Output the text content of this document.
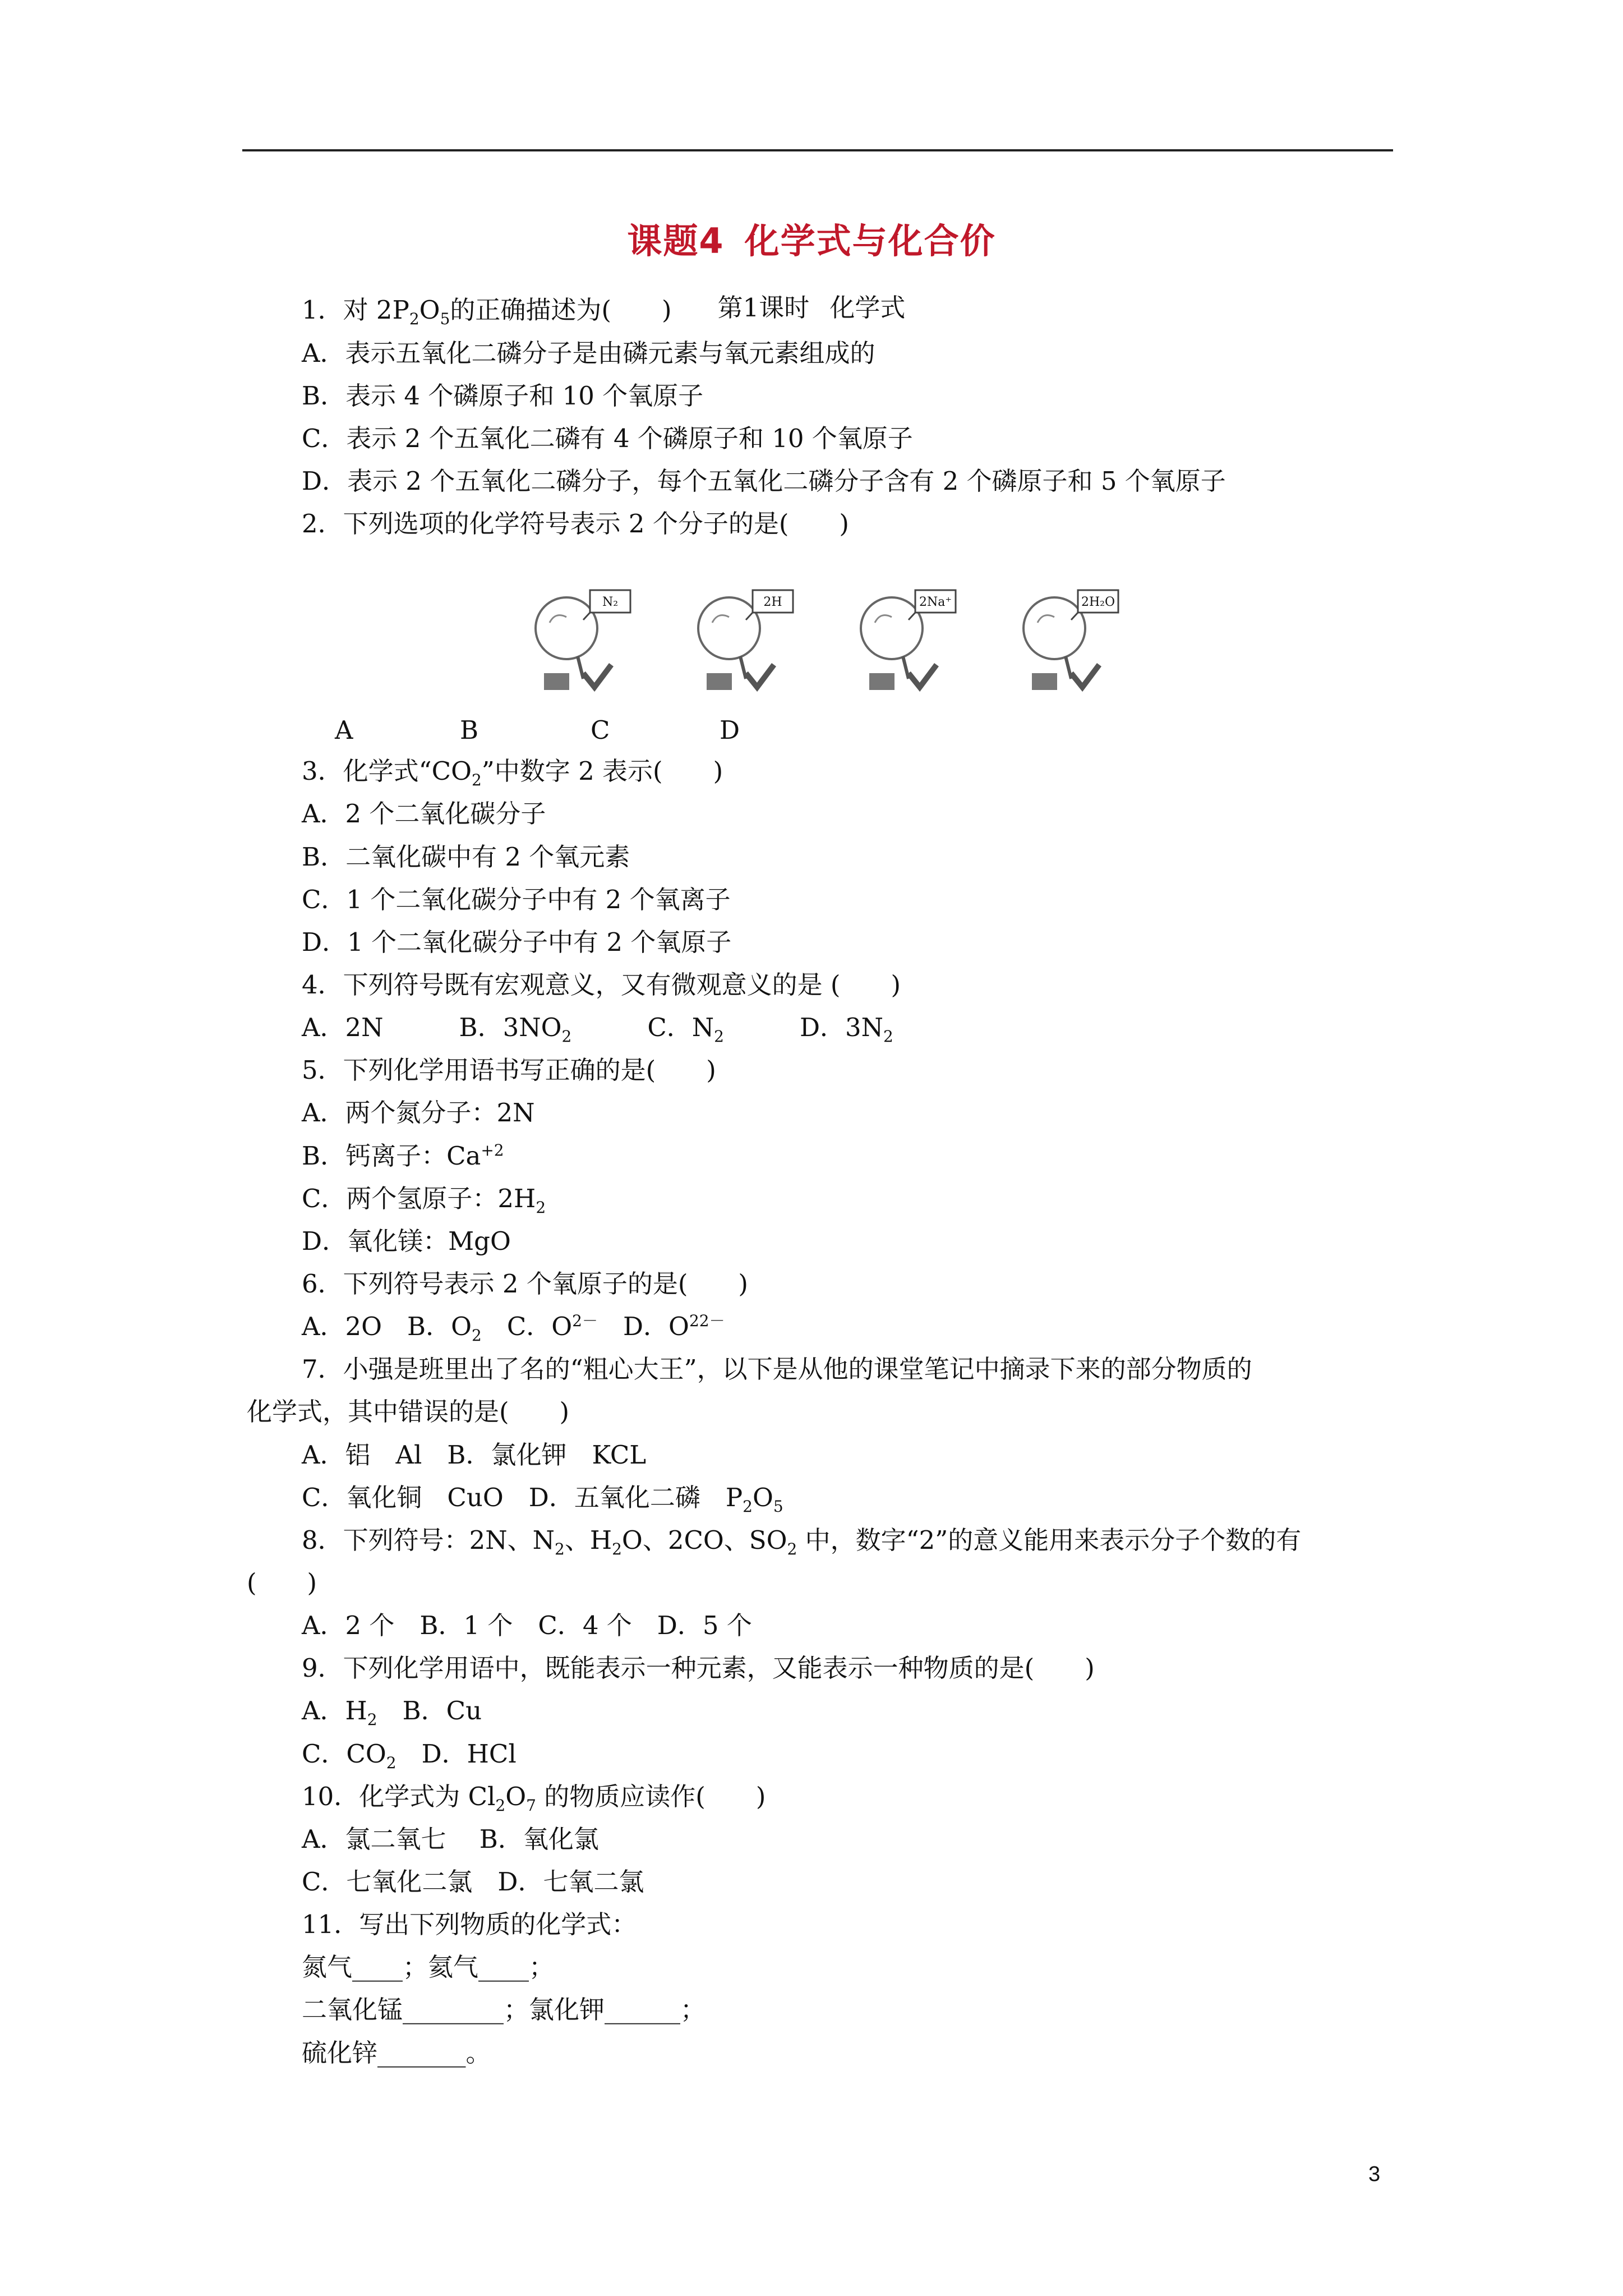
课题4 化学式与化合价
第1课时 化学式
1．对 $2P_2O_5$的正确描述为(　　)
A．表示五氧化二磷分子是由磷元素与氧元素组成的
B．表示 4 个磷原子和 10 个氧原子
C．表示 2 个五氧化二磷有 4 个磷原子和 10 个氧原子
D．表示 2 个五氧化二磷分子，每个五氧化二磷分子含有 2 个磷原子和 5 个氧原子
2．下列选项的化学符号表示 2 个分子的是(　　)
3．化学式“$CO_2$”中数字 2 表示(　　)
A．2 个二氧化碳分子
B．二氧化碳中有 2 个氧元素
C．1 个二氧化碳分子中有 2 个氧离子
D．1 个二氧化碳分子中有 2 个氧原子
4．下列符号既有宏观意义，又有微观意义的是 (　　)
A．2N　　　B．$3NO_2$　　　C．$N_2$　　　D．$3N_2$
5．下列化学用语书写正确的是(　　)
A．两个氮分子：2N
B．钙离子：$Ca^{+2}$
C．两个氢原子：$2H_2$
D．氧化镁：MgO
6．下列符号表示 2 个氧原子的是(　　)
A．2O　B．$O_2$　C．$O^{2-}$　D．$O^{22-}$
7．小强是班里出了名的“粗心大王”，以下是从他的课堂笔记中摘录下来的部分物质的
化学式，其中错误的是(　　)
A．铝　Al　B．氯化钾　KCL
C．氧化铜　CuO　D．五氧化二磷　$P_2O_5$
8．下列符号：2N、$N_2$、$H_2O$、2CO、$SO_2$ 中，数字“2”的意义能用来表示分子个数的有
(　　)
A．2 个　B．1 个　C．4 个　D．5 个
9．下列化学用语中，既能表示一种元素，又能表示一种物质的是(　　)
A．$H_2$　B．Cu
C．$CO_2$　D．HCl
10．化学式为 $Cl_2O_7$ 的物质应读作(　　)
A．氯二氧七　 B．氧化氯
C．七氧化二氯　D．七氧二氯
11．写出下列物质的化学式：
氮气____；氦气____；
二氧化锰________；氯化钾______；
硫化锌_______。
N₂	2H	2Na⁺	2H₂O
A	B	C	D
3
